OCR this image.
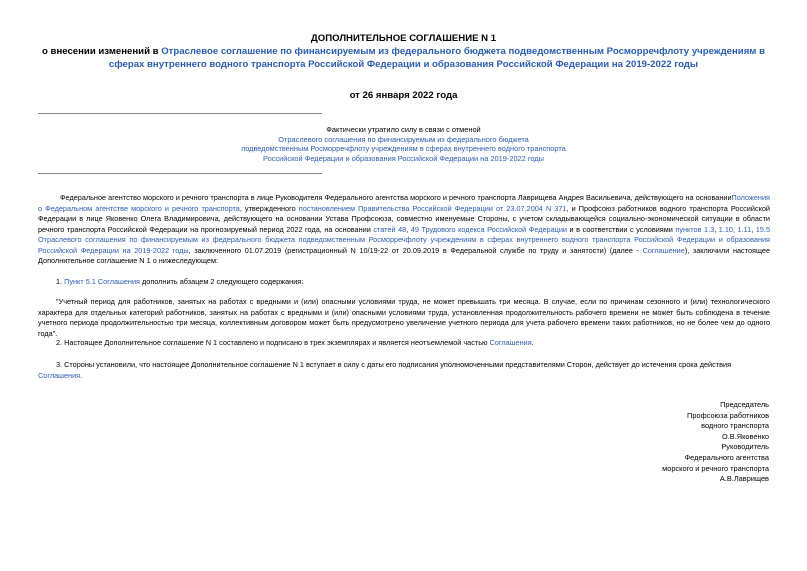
ДОПОЛНИТЕЛЬНОЕ СОГЛАШЕНИЕ N 1
о внесении изменений в Отраслевое соглашение по финансируемым из федерального бюджета подведомственным Росморречфлоту учреждениям в сферах внутреннего водного транспорта Российской Федерации и образования Российской Федерации на 2019-2022 годы
от 26 января 2022 года
Фактически утратило силу в связи с отменой
Отраслевого соглашения по финансируемым из федерального бюджета
подведомственным Росморречфлоту учреждениям в сферах внутреннего водного транспорта
Российской Федерации и образования Российской Федерации на 2019-2022 годы

Федеральное агентство морского и речного транспорта в лице Руководителя Федерального агентства морского и речного транспорта Лаврищева Андрея Васильевича, действующего на основанииПоложения о Федеральном агентстве морского и речного транспорта, утвержденного постановлением Правительства Российской Федерации от 23.07.2004 N 371, и Профсоюз работников водного транспорта Российской Федерации в лице Яковенко Олега Владимировича, действующего на основании Устава Профсоюза, совместно именуемые Стороны, с учетом складывающейся социально-экономической ситуации в области речного транспорта Российской Федерации на прогнозируемый период 2022 года, на основании статей 48, 49 Трудового кодекса Российской Федерации и в соответствии с условиями пунктов 1.3, 1.10, 1.11, 15.5 Отраслевого соглашения по финансируемым из федерального бюджета подведомственным Росморречфлоту учреждениям в сферах внутреннего водного транспорта Российской Федерации и образования Российской Федерации на 2019-2022 годы, заключенного 01.07.2019 (регистрационный N 10/19-22 от 20.09.2019 в Федеральной службе по труду и занятости) (далее - Соглашение), заключили настоящее Дополнительное соглашение N 1 о нижеследующем:

1. Пункт 5.1 Соглашения дополнить абзацем 2 следующего содержания:

"Учетный период для работников, занятых на работах с вредными и (или) опасными условиями труда, не может превышать три месяца. В случае, если по причинам сезонного и (или) технологического характера для отдельных категорий работников, занятых на работах с вредными и (или) опасными условиями труда, установленная продолжительность рабочего времени не может быть соблюдена в течение учетного периода продолжительностью три месяца, коллективным договором может быть предусмотрено увеличение учетного периода для учета рабочего времени таких работников, но не более чем до одного года".

2. Настоящее Дополнительное соглашение N 1 составлено и подписано в трех экземплярах и является неотъемлемой частью Соглашения.

3. Стороны установили, что настоящее Дополнительное соглашение N 1 вступает в силу с даты его подписания уполномоченными представителями Сторон, действует до истечения срока действия Соглашения.

Председатель
Профсоюза работников
водного транспорта
О.В.Яковенко
Руководитель
Федерального агентства
морского и речного транспорта
А.В.Лаврищев
